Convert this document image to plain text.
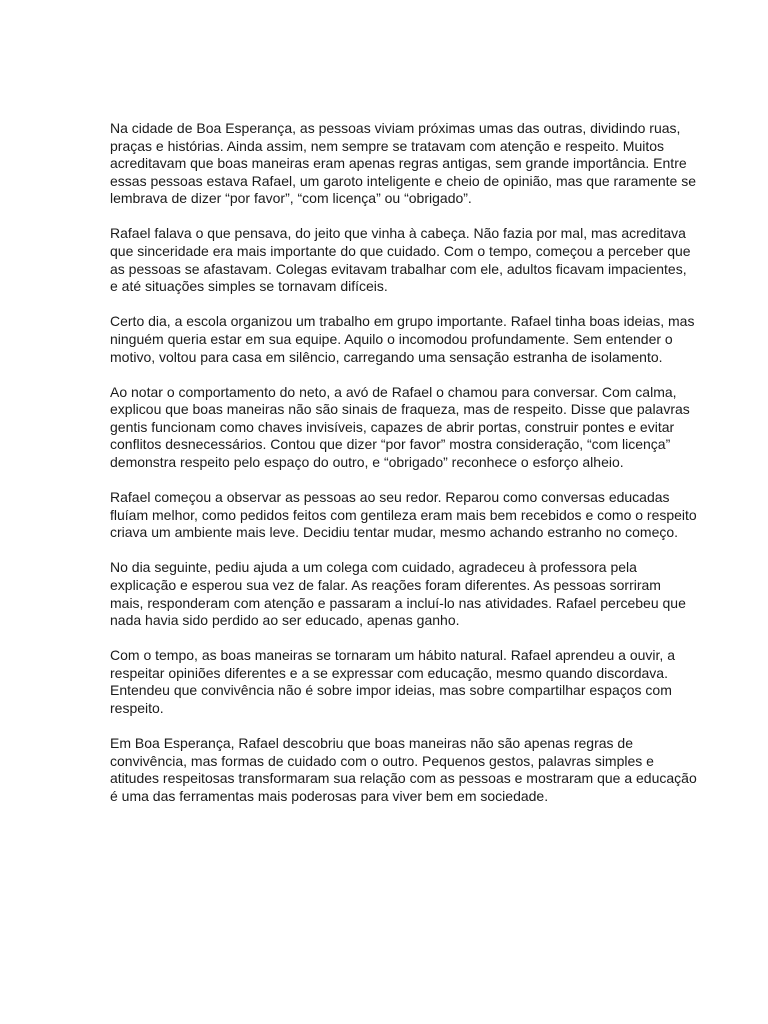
Na cidade de Boa Esperança, as pessoas viviam próximas umas das outras, dividindo ruas, praças e histórias. Ainda assim, nem sempre se tratavam com atenção e respeito. Muitos acreditavam que boas maneiras eram apenas regras antigas, sem grande importância. Entre essas pessoas estava Rafael, um garoto inteligente e cheio de opinião, mas que raramente se lembrava de dizer “por favor”, “com licença” ou “obrigado”.

Rafael falava o que pensava, do jeito que vinha à cabeça. Não fazia por mal, mas acreditava que sinceridade era mais importante do que cuidado. Com o tempo, começou a perceber que as pessoas se afastavam. Colegas evitavam trabalhar com ele, adultos ficavam impacientes, e até situações simples se tornavam difíceis.

Certo dia, a escola organizou um trabalho em grupo importante. Rafael tinha boas ideias, mas ninguém queria estar em sua equipe. Aquilo o incomodou profundamente. Sem entender o motivo, voltou para casa em silêncio, carregando uma sensação estranha de isolamento.

Ao notar o comportamento do neto, a avó de Rafael o chamou para conversar. Com calma, explicou que boas maneiras não são sinais de fraqueza, mas de respeito. Disse que palavras gentis funcionam como chaves invisíveis, capazes de abrir portas, construir pontes e evitar conflitos desnecessários. Contou que dizer “por favor” mostra consideração, “com licença” demonstra respeito pelo espaço do outro, e “obrigado” reconhece o esforço alheio.

Rafael começou a observar as pessoas ao seu redor. Reparou como conversas educadas fluíam melhor, como pedidos feitos com gentileza eram mais bem recebidos e como o respeito criava um ambiente mais leve. Decidiu tentar mudar, mesmo achando estranho no começo.

No dia seguinte, pediu ajuda a um colega com cuidado, agradeceu à professora pela explicação e esperou sua vez de falar. As reações foram diferentes. As pessoas sorriram mais, responderam com atenção e passaram a incluí-lo nas atividades. Rafael percebeu que nada havia sido perdido ao ser educado, apenas ganho.

Com o tempo, as boas maneiras se tornaram um hábito natural. Rafael aprendeu a ouvir, a respeitar opiniões diferentes e a se expressar com educação, mesmo quando discordava. Entendeu que convivência não é sobre impor ideias, mas sobre compartilhar espaços com respeito.

Em Boa Esperança, Rafael descobriu que boas maneiras não são apenas regras de convivência, mas formas de cuidado com o outro. Pequenos gestos, palavras simples e atitudes respeitosas transformaram sua relação com as pessoas e mostraram que a educação é uma das ferramentas mais poderosas para viver bem em sociedade.
